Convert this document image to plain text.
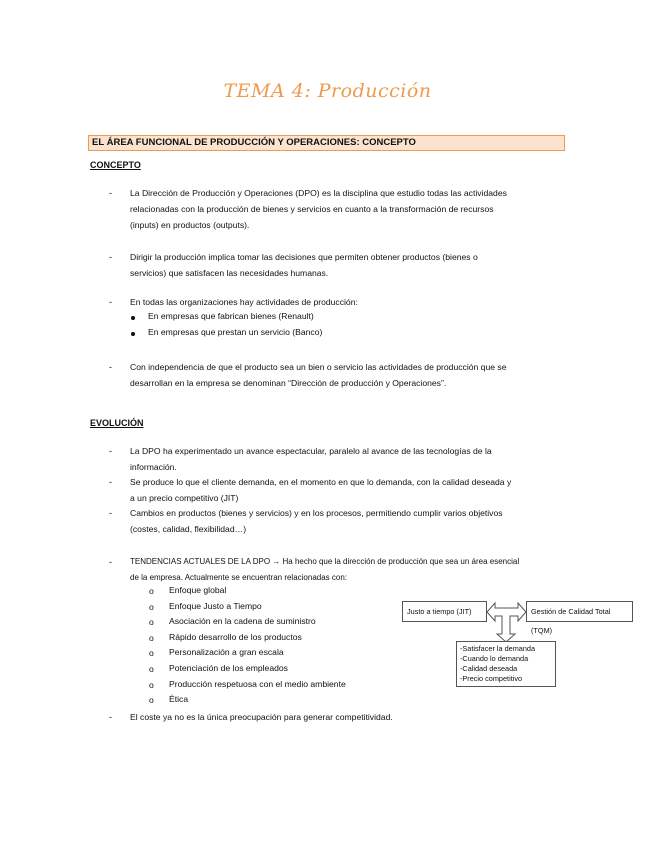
TEMA 4: Producción
EL ÁREA FUNCIONAL DE PRODUCCIÓN Y OPERACIONES: CONCEPTO
CONCEPTO
- La Dirección de Producción y Operaciones (DPO) es la disciplina que estudio todas las actividades
relacionadas con la producción de bienes y servicios en cuanto a la transformación de recursos
(inputs) en productos (outputs).
- Dirigir la producción implica tomar las decisiones que permiten obtener productos (bienes o
servicios) que satisfacen las necesidades humanas.
- En todas las organizaciones hay actividades de producción:
En empresas que fabrican bienes (Renault)
En empresas que prestan un servicio (Banco)
- Con independencia de que el producto sea un bien o servicio las actividades de producción que se
desarrollan en la empresa se denominan “Dirección de producción y Operaciones”.
EVOLUCIÓN
- La DPO ha experimentado un avance espectacular, paralelo al avance de las tecnologías de la
información.
- Se produce lo que el cliente demanda, en el momento en que lo demanda, con la calidad deseada y
a un precio competitivo (JIT)
- Cambios en productos (bienes y servicios) y en los procesos, permitiendo cumplir varios objetivos
(costes, calidad, flexibilidad…)
- TENDENCIAS ACTUALES DE LA DPO → Ha hecho que la dirección de producción que sea un área esencial
de la empresa. Actualmente se encuentran relacionadas con:
o Enfoque global
o Enfoque Justo a Tiempo
o Asociación en la cadena de suministro
o Rápido desarrollo de los productos
o Personalización a gran escala
o Potenciación de los empleados
o Producción respetuosa con el medio ambiente
o Ética
- El coste ya no es la única preocupación para generar competitividad.
Justo a tiempo (JIT)	Gestión de Calidad Total (TQM)
-Satisfacer la demanda
-Cuando lo demanda
-Calidad deseada
-Precio competitivo
